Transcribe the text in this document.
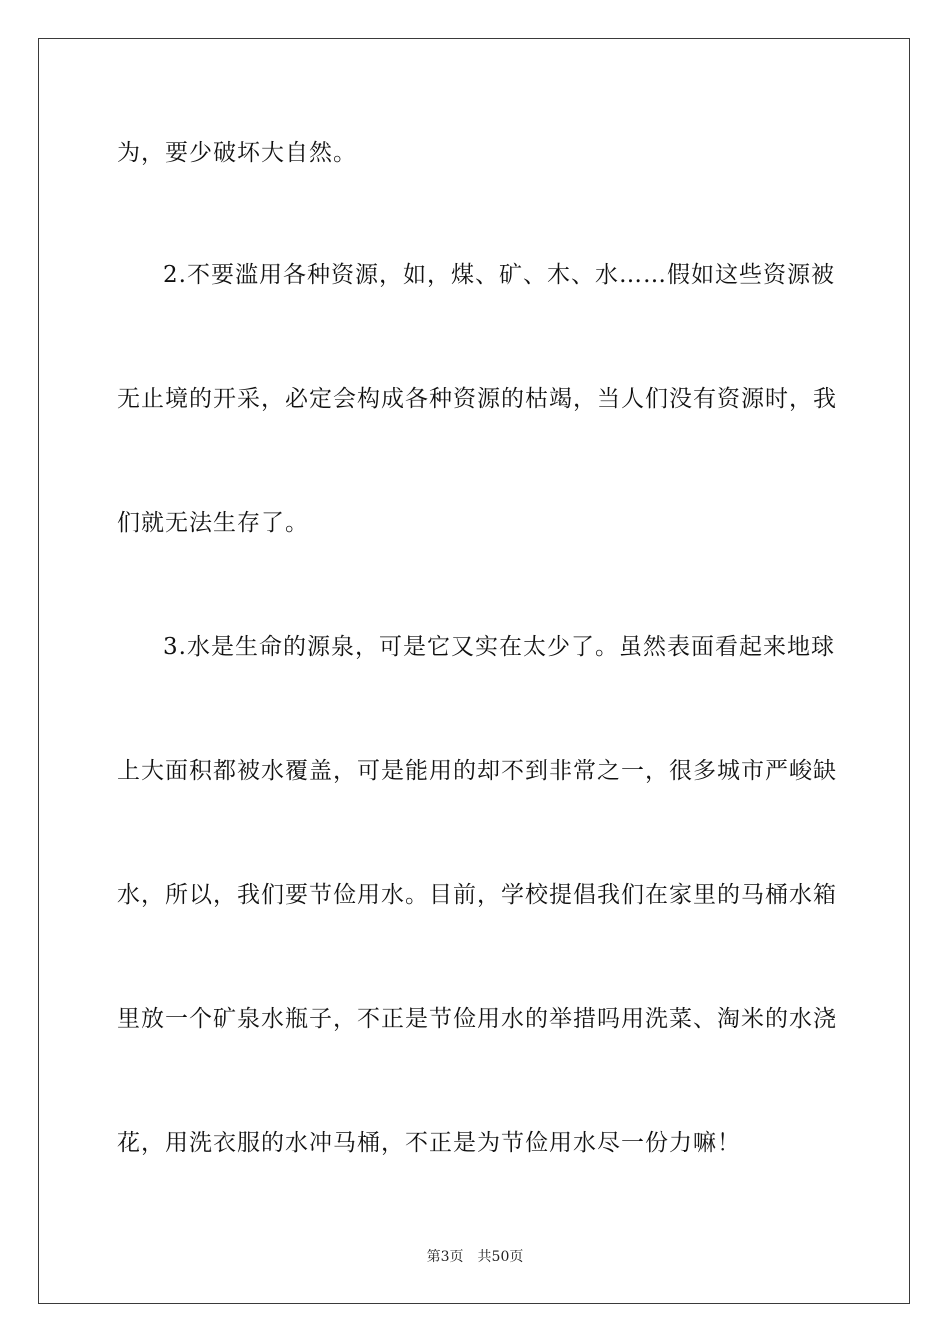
为，要少破坏大自然。
2.不要滥用各种资源，如，煤、矿、木、水……假如这些资源被
无止境的开采，必定会构成各种资源的枯竭，当人们没有资源时，我
们就无法生存了。
3.水是生命的源泉，可是它又实在太少了。虽然表面看起来地球
上大面积都被水覆盖，可是能用的却不到非常之一，很多城市严峻缺
水，所以，我们要节俭用水。目前，学校提倡我们在家里的马桶水箱
里放一个矿泉水瓶子，不正是节俭用水的举措吗用洗菜、淘米的水浇
花，用洗衣服的水冲马桶，不正是为节俭用水尽一份力嘛！
第3页　共50页
